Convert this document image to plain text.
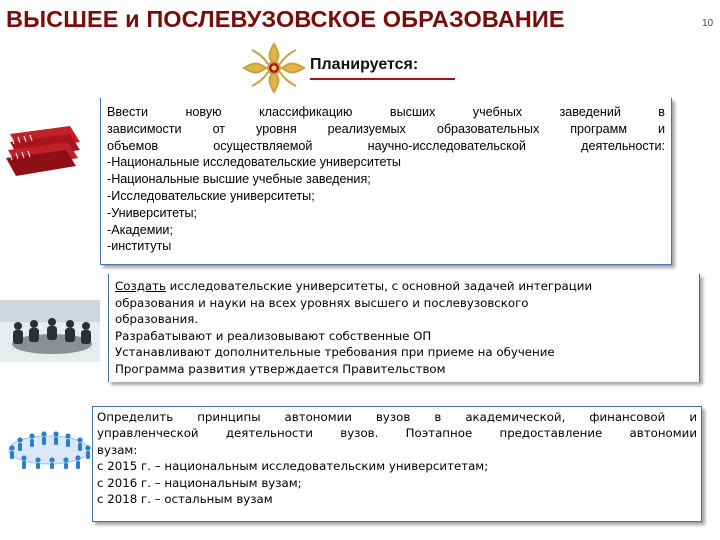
ВЫСШЕЕ и ПОСЛЕВУЗОВСКОЕ ОБРАЗОВАНИЕ	10
Планируется:
Ввести новую классификацию высших учебных заведений в
зависимости от уровня реализуемых образовательных программ и
объемов осуществляемой научно-исследовательской деятельности:
-Национальные исследовательские университеты
-Национальные высшие учебные заведения;
-Исследовательские университеты;
-Университеты;
-Академии;
-институты
Создать исследовательские университеты, с основной задачей интеграции
образования и науки на всех уровнях высшего и послевузовского
образования.
Разрабатывают и реализовывают собственные ОП
Устанавливают дополнительные требования при приеме на обучение
Программа развития утверждается Правительством
Определить принципы автономии вузов в академической, финансовой и
управленческой деятельности вузов. Поэтапное предоставление автономии
вузам:
с 2015 г. – национальным исследовательским университетам;
с 2016 г. – национальным вузам;
с 2018 г. – остальным вузам
